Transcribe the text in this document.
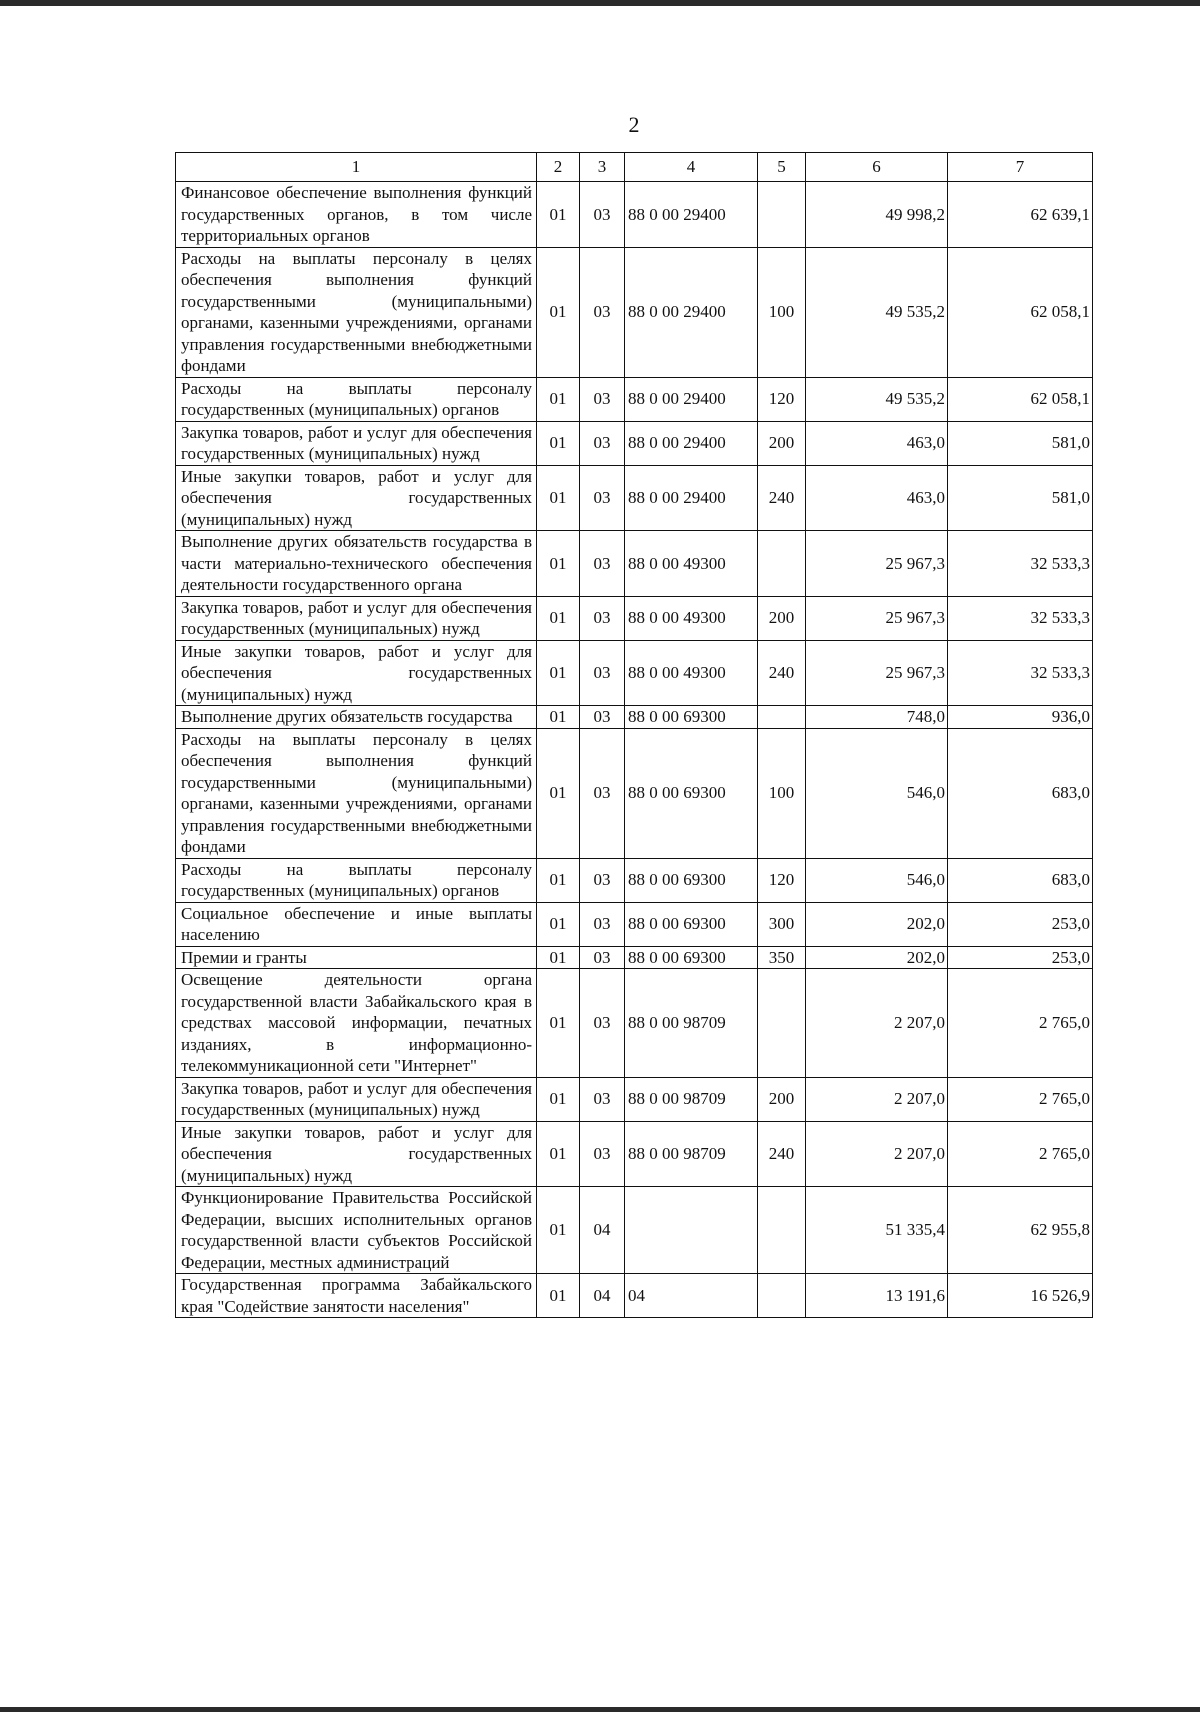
2
1	2	3	4	5	6	7
Финансовое обеспечение выполнения функций государственных органов, в том числе территориальных органов	01	03	88 0 00 29400		49 998,2	62 639,1
Расходы на выплаты персоналу в целях обеспечения выполнения функций государственными (муниципальными) органами, казенными учреждениями, органами управления государственными внебюджетными фондами	01	03	88 0 00 29400	100	49 535,2	62 058,1
Расходы на выплаты персоналу государственных (муниципальных) органов	01	03	88 0 00 29400	120	49 535,2	62 058,1
Закупка товаров, работ и услуг для обеспечения государственных (муниципальных) нужд	01	03	88 0 00 29400	200	463,0	581,0
Иные закупки товаров, работ и услуг для обеспечения государственных (муниципальных) нужд	01	03	88 0 00 29400	240	463,0	581,0
Выполнение других обязательств государства в части материально-технического обеспечения деятельности государственного органа	01	03	88 0 00 49300		25 967,3	32 533,3
Закупка товаров, работ и услуг для обеспечения государственных (муниципальных) нужд	01	03	88 0 00 49300	200	25 967,3	32 533,3
Иные закупки товаров, работ и услуг для обеспечения государственных (муниципальных) нужд	01	03	88 0 00 49300	240	25 967,3	32 533,3
Выполнение других обязательств государства	01	03	88 0 00 69300		748,0	936,0
Расходы на выплаты персоналу в целях обеспечения выполнения функций государственными (муниципальными) органами, казенными учреждениями, органами управления государственными внебюджетными фондами	01	03	88 0 00 69300	100	546,0	683,0
Расходы на выплаты персоналу государственных (муниципальных) органов	01	03	88 0 00 69300	120	546,0	683,0
Социальное обеспечение и иные выплаты населению	01	03	88 0 00 69300	300	202,0	253,0
Премии и гранты	01	03	88 0 00 69300	350	202,0	253,0
Освещение деятельности органа государственной власти Забайкальского края в средствах массовой информации, печатных изданиях, в информационно-телекоммуникационной сети "Интернет"	01	03	88 0 00 98709		2 207,0	2 765,0
Закупка товаров, работ и услуг для обеспечения государственных (муниципальных) нужд	01	03	88 0 00 98709	200	2 207,0	2 765,0
Иные закупки товаров, работ и услуг для обеспечения государственных (муниципальных) нужд	01	03	88 0 00 98709	240	2 207,0	2 765,0
Функционирование Правительства Российской Федерации, высших исполнительных органов государственной власти субъектов Российской Федерации, местных администраций	01	04			51 335,4	62 955,8
Государственная программа Забайкальского края "Содействие занятости населения"	01	04	04		13 191,6	16 526,9
